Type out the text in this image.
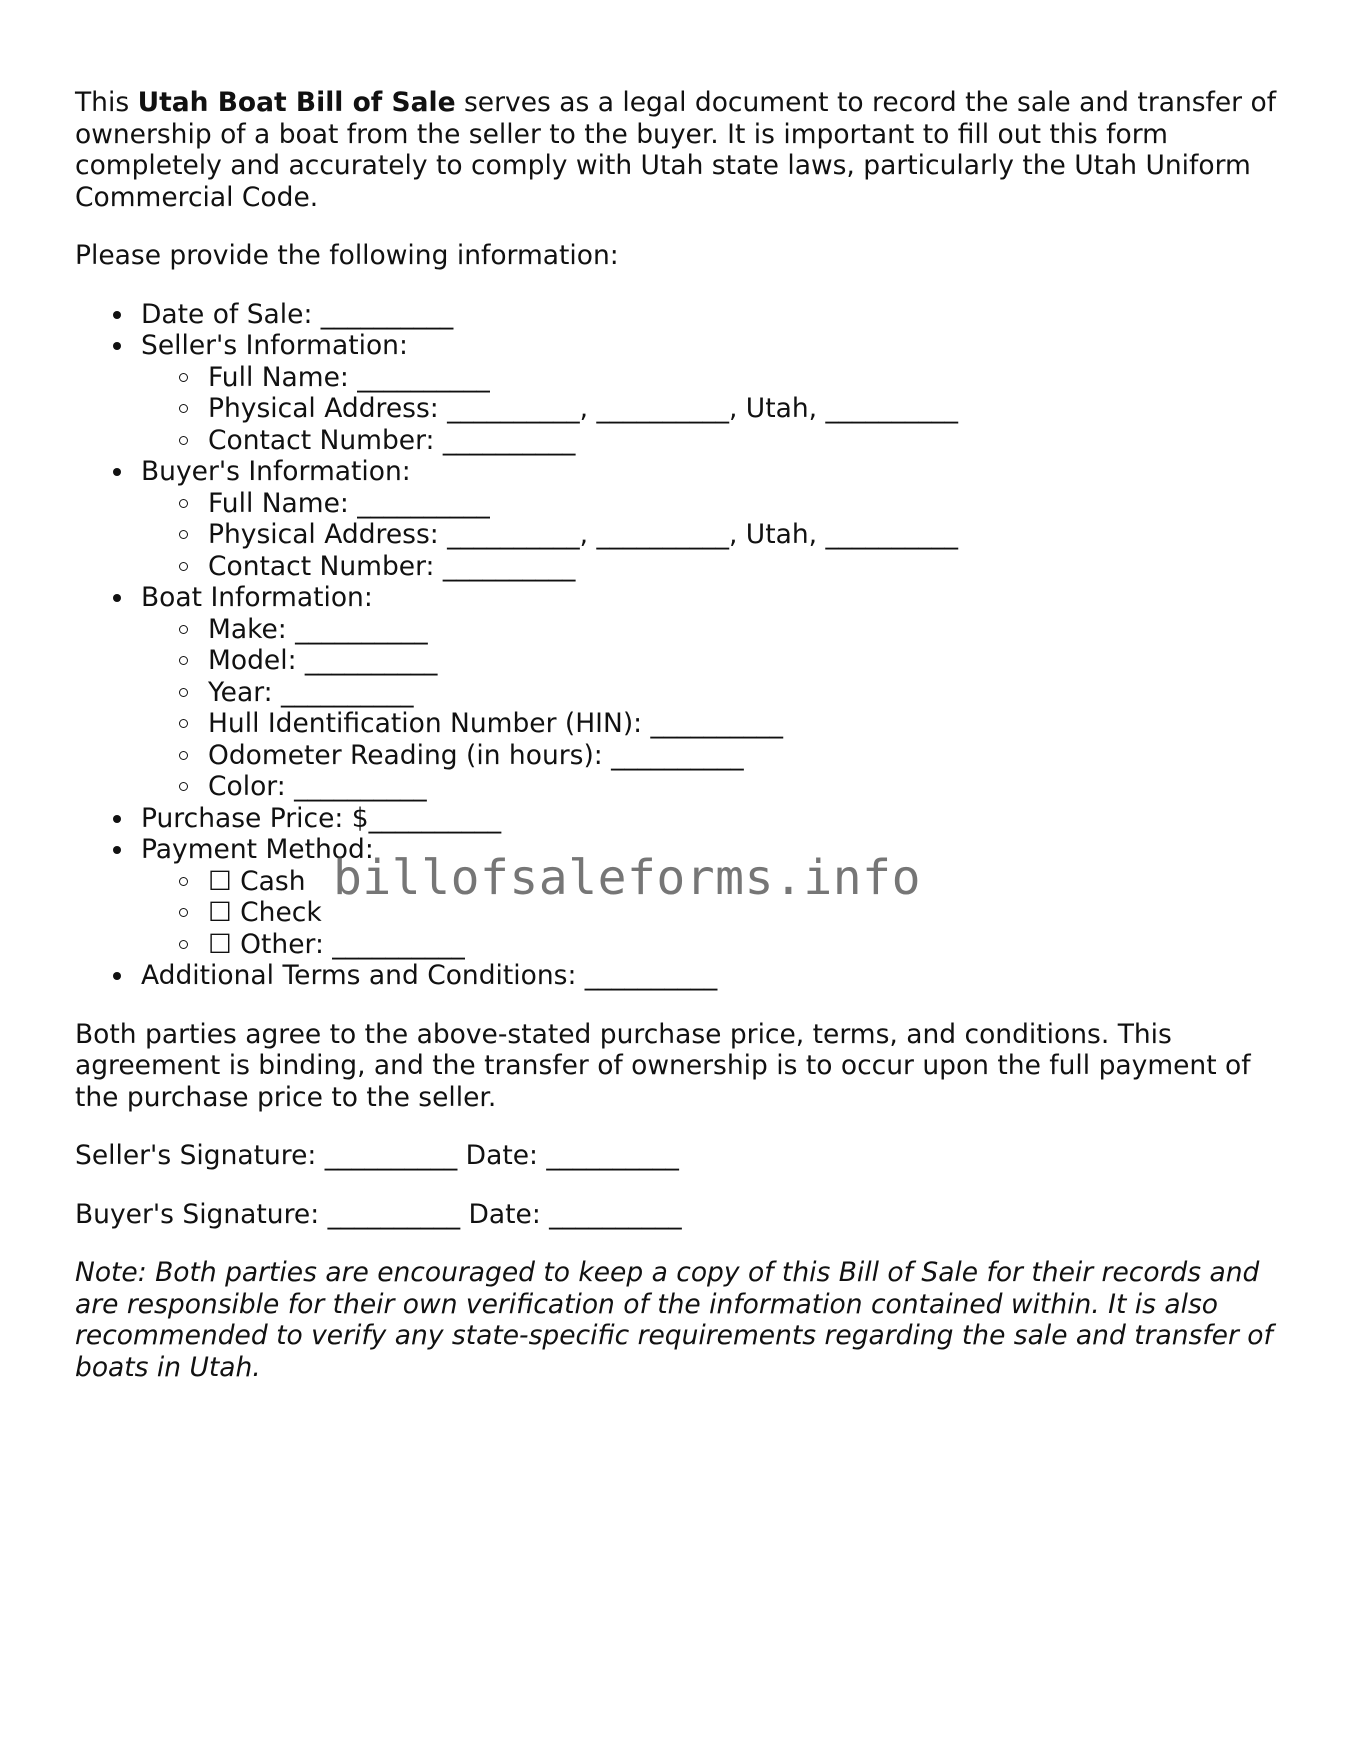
This Utah Boat Bill of Sale serves as a legal document to record the sale and transfer of ownership of a boat from the seller to the buyer. It is important to fill out this form completely and accurately to comply with Utah state laws, particularly the Utah Uniform Commercial Code.

Please provide the following information:

Date of Sale: __________
Seller's Information:
Full Name: __________
Physical Address: __________, __________, Utah, __________
Contact Number: __________
Buyer's Information:
Full Name: __________
Physical Address: __________, __________, Utah, __________
Contact Number: __________
Boat Information:
Make: __________
Model: __________
Year: __________
Hull Identification Number (HIN): __________
Odometer Reading (in hours): __________
Color: __________
Purchase Price: $__________
Payment Method:
☐ Cash
☐ Check
☐ Other: __________
Additional Terms and Conditions: __________

Both parties agree to the above-stated purchase price, terms, and conditions. This agreement is binding, and the transfer of ownership is to occur upon the full payment of the purchase price to the seller.

Seller's Signature: __________ Date: __________

Buyer's Signature: __________ Date: __________

Note: Both parties are encouraged to keep a copy of this Bill of Sale for their records and are responsible for their own verification of the information contained within. It is also recommended to verify any state-specific requirements regarding the sale and transfer of boats in Utah.

billofsaleforms.info
